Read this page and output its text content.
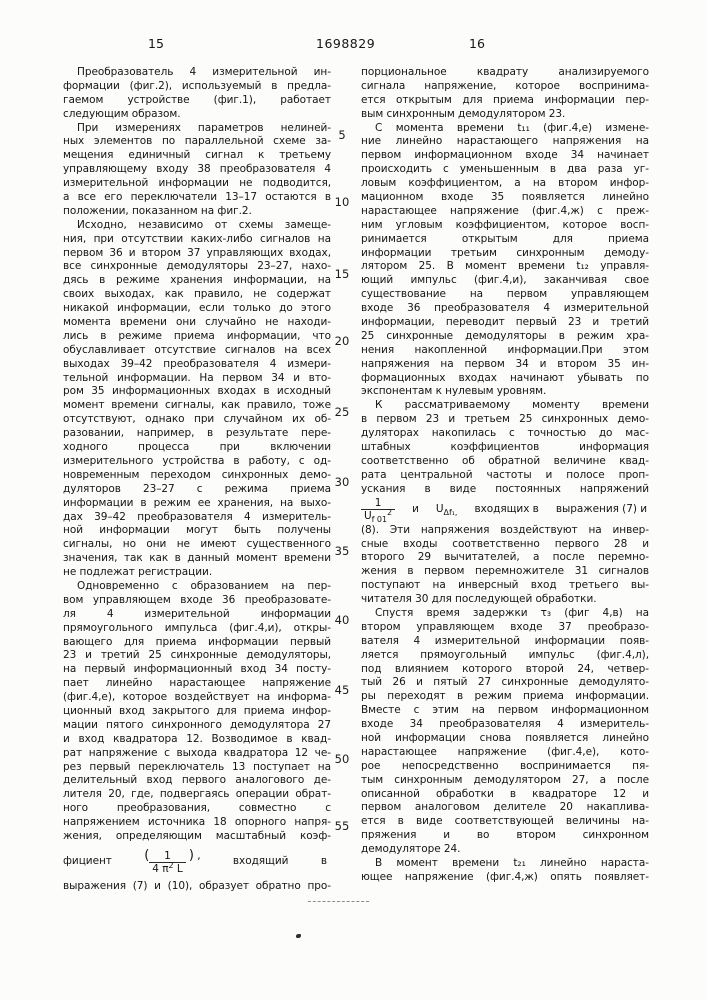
15	1698829	16
Преобразователь 4 измерительной ин-
формации (фиг.2), используемый в предла-
гаемом устройстве (фиг.1), работает
следующим образом.
При измерениях параметров нелиней-
ных элементов по параллельной схеме за-
мещения единичный сигнал к третьему
управляющему входу 38 преобразователя 4
измерительной информации не подводится,
а все его переключатели 13–17 остаются в
положении, показанном на фиг.2.
Исходно, независимо от схемы замеще-
ния, при отсутствии каких-либо сигналов на
первом 36 и втором 37 управляющих входах,
все синхронные демодуляторы 23–27, нахо-
дясь в режиме хранения информации, на
своих выходах, как правило, не содержат
никакой информации, если только до этого
момента времени они случайно не находи-
лись в режиме приема информации, что
обуславливает отсутствие сигналов на всех
выходах 39–42 преобразователя 4 измери-
тельной информации. На первом 34 и вто-
ром 35 информационных входах в исходный
момент времени сигналы, как правило, тоже
отсутствуют, однако при случайном их об-
разовании, например, в результате пере-
ходного процесса при включении
измерительного устройства в работу, с од-
новременным переходом синхронных демо-
дуляторов 23–27 с режима приема
информации в режим ее хранения, на выхо-
дах 39–42 преобразователя 4 измеритель-
ной информации могут быть получены
сигналы, но они не имеют существенного
значения, так как в данный момент времени
не подлежат регистрации.
Одновременно с образованием на пер-
вом управляющем входе 36 преобразовате-
ля 4 измерительной информации
прямоугольного импульса (фиг.4,и), откры-
вающего для приема информации первый
23 и третий 25 синхронные демодуляторы,
на первый информационный вход 34 посту-
пает линейно нарастающее напряжение
(фиг.4,е), которое воздействует на информа-
ционный вход закрытого для приема инфор-
мации пятого синхронного демодулятора 27
и вход квадратора 12. Возводимое в квад-
рат напряжение с выхода квадратора 12 че-
рез первый переключатель 13 поступает на
делительный вход первого аналогового де-
лителя 20, где, подвергаясь операции обрат-
ного преобразования, совместно с
напряжением источника 18 опорного напря-
жения, определяющим масштабный коэф-
фициент ( $\frac{1}{4 \pi^2 L}$ ) ,	входящий	в
выражения (7) и (10), образует обратно про-
порциональное квадрату анализируемого
сигнала напряжение, которое воспринима-
ется открытым для приема информации пер-
вым синхронным демодулятором 23.
С момента времени t₁₁ (фиг.4,е) измене-
ние линейно нарастающего напряжения на
первом информационном входе 34 начинает
происходить с уменьшенным в два раза уг-
ловым коэффициентом, а на втором инфор-
мационном входе 35 появляется линейно
нарастающее напряжение (фиг.4,ж) с преж-
ним угловым коэффициентом, которое восп-
ринимается открытым для приема
информации третьим синхронным демоду-
лятором 25. В момент времени t₁₂ управля-
ющий импульс (фиг.4,и), заканчивая свое
существование на первом управляющем
входе 36 преобразователя 4 измерительной
информации, переводит первый 23 и третий
25 синхронные демодуляторы в режим хра-
нения накопленной информации.При этом
напряжения на первом 34 и втором 35 ин-
формационных входах начинают убывать по
экспонентам к нулевым уровням.
К рассматриваемому моменту времени
в первом 23 и третьем 25 синхронных демо-
дуляторах накопилась с точностью до мас-
штабных коэффициентов информация
соответственно об обратной величине квад-
рата центральной частоты и полосе проп-
ускания в виде постоянных напряжений
$\frac{1}{U_{f 01}^2}$ и $U_{\Delta f_1,}$ входящих в выражения (7) и
(8). Эти напряжения воздействуют на инвер-
сные входы соответственно первого 28 и
второго 29 вычитателей, а после перемно-
жения в первом перемножителе 31 сигналов
поступают на инверсный вход третьего вы-
читателя 30 для последующей обработки.
Спустя время задержки τ₃ (фиг 4,в) на
втором управляющем входе 37 преобразо-
вателя 4 измерительной информации появ-
ляется прямоугольный импульс (фиг.4,л),
под влиянием которого второй 24, четвер-
тый 26 и пятый 27 синхронные демодулято-
ры переходят в режим приема информации.
Вместе с этим на первом информационном
входе 34 преобразователяя 4 измеритель-
ной информации снова появляется линейно
нарастающее напряжение (фиг.4,е), кото-
рое непосредственно воспринимается пя-
тым синхронным демодулятором 27, а после
описанной обработки в квадраторе 12 и
первом аналоговом делителе 20 накаплива-
ется в виде соответствующей величины на-
пряжения и во втором синхронном
демодуляторе 24.
В момент времени t₂₁ линейно нараста-
ющее напряжение (фиг.4,ж) опять появляет-
5
10
15
20
25
30
35
40
45
50
55
